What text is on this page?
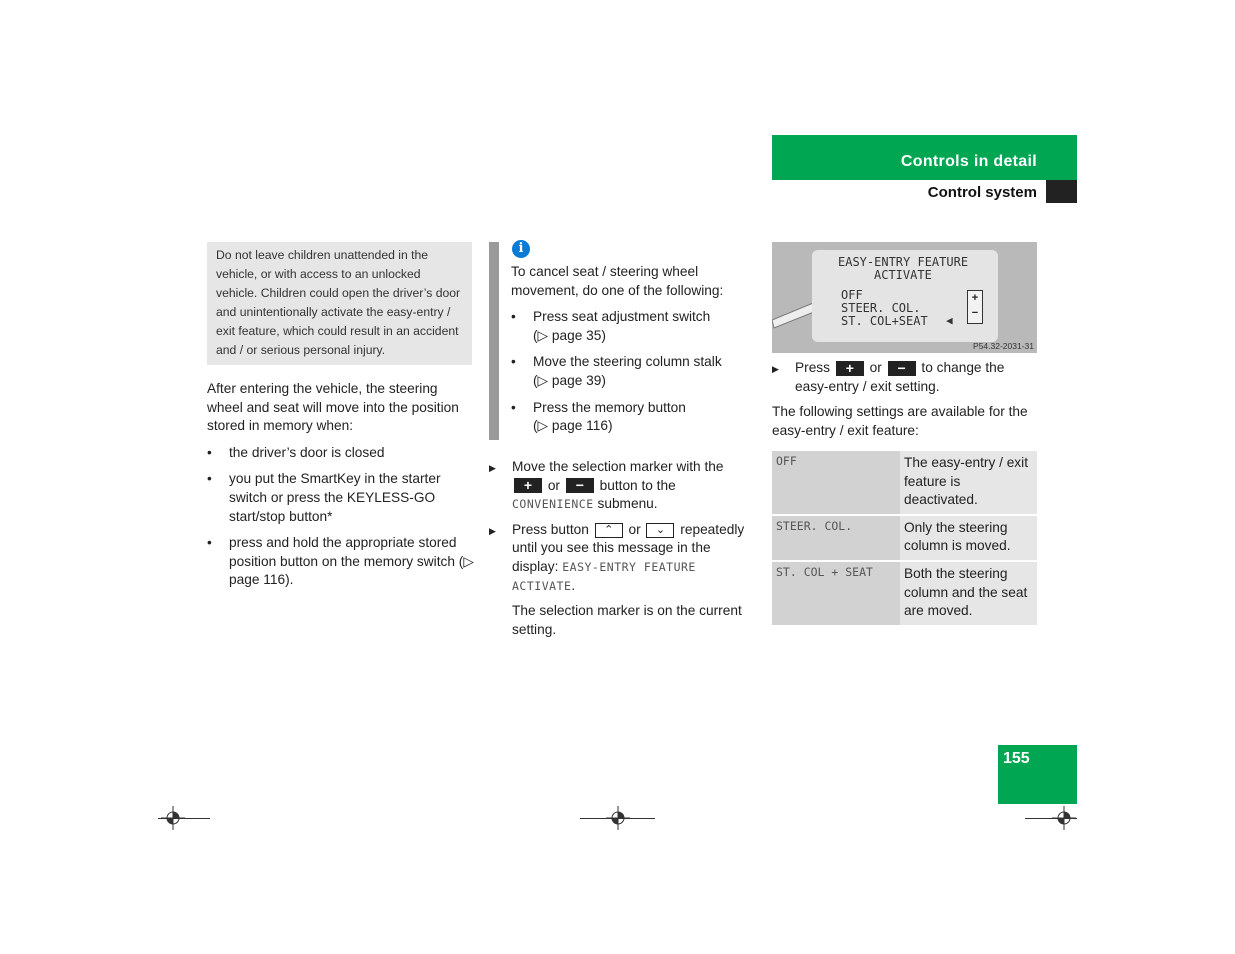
Controls in detail
Control system
Do not leave children unattended in the vehicle, or with access to an unlocked vehicle. Children could open the driver’s door and unintentionally activate the easy-entry / exit feature, which could result in an accident and / or serious personal injury.
After entering the vehicle, the steering wheel and seat will move into the position stored in memory when:
• the driver’s door is closed
• you put the SmartKey in the starter switch or press the KEYLESS-GO start/stop button*
• press and hold the appropriate stored position button on the memory switch (▷ page 116).
i
To cancel seat / steering wheel movement, do one of the following:
• Press seat adjustment switch
(▷ page 35)
• Move the steering column stalk
(▷ page 39)
• Press the memory button
(▷ page 116)
▶ Move the selection marker with the + or − button to the CONVENIENCE submenu.
▶ Press button ⌃ or ⌄ repeatedly until you see this message in the display: EASY-ENTRY FEATURE ACTIVATE.
The selection marker is on the current setting.
EASY-ENTRY FEATURE
ACTIVATE
OFF
STEER. COL.
ST. COL+SEAT ◀
+
−
P54.32-2031-31
▶ Press + or − to change the easy-entry / exit setting.
The following settings are available for the easy-entry / exit feature:
OFF	The easy-entry / exit feature is deactivated.
STEER. COL.	Only the steering column is moved.
ST. COL + SEAT	Both the steering column and the seat are moved.
155
